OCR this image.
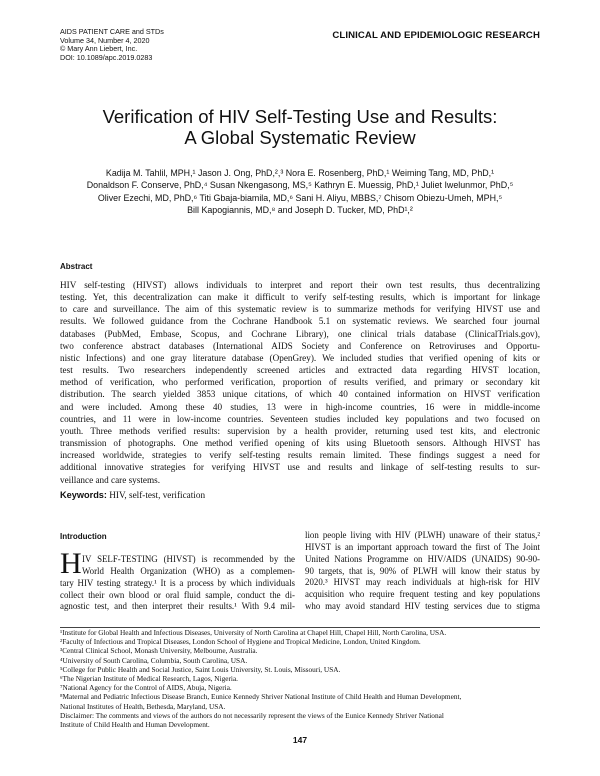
AIDS PATIENT CARE and STDs
Volume 34, Number 4, 2020
© Mary Ann Liebert, Inc.
DOI: 10.1089/apc.2019.0283
CLINICAL AND EPIDEMIOLOGIC RESEARCH
Verification of HIV Self-Testing Use and Results:
A Global Systematic Review
Kadija M. Tahlil, MPH,¹ Jason J. Ong, PhD,²,³ Nora E. Rosenberg, PhD,¹ Weiming Tang, MD, PhD,¹
Donaldson F. Conserve, PhD,⁴ Susan Nkengasong, MS,⁵ Kathryn E. Muessig, PhD,¹ Juliet Iwelunmor, PhD,⁵
Oliver Ezechi, MD, PhD,⁶ Titi Gbaja-biamila, MD,⁶ Sani H. Aliyu, MBBS,⁷ Chisom Obiezu-Umeh, MPH,⁵
Bill Kapogiannis, MD,⁸ and Joseph D. Tucker, MD, PhD¹,²
Abstract
HIV self-testing (HIVST) allows individuals to interpret and report their own test results, thus decentralizing
testing. Yet, this decentralization can make it difficult to verify self-testing results, which is important for linkage
to care and surveillance. The aim of this systematic review is to summarize methods for verifying HIVST use and
results. We followed guidance from the Cochrane Handbook 5.1 on systematic reviews. We searched four journal
databases (PubMed, Embase, Scopus, and Cochrane Library), one clinical trials database (ClinicalTrials.gov),
two conference abstract databases (International AIDS Society and Conference on Retroviruses and Opportu-
nistic Infections) and one gray literature database (OpenGrey). We included studies that verified opening of kits or
test results. Two researchers independently screened articles and extracted data regarding HIVST location,
method of verification, who performed verification, proportion of results verified, and primary or secondary kit
distribution. The search yielded 3853 unique citations, of which 40 contained information on HIVST verification
and were included. Among these 40 studies, 13 were in high-income countries, 16 were in middle-income
countries, and 11 were in low-income countries. Seventeen studies included key populations and two focused on
youth. Three methods verified results: supervision by a health provider, returning used test kits, and electronic
transmission of photographs. One method verified opening of kits using Bluetooth sensors. Although HIVST has
increased worldwide, strategies to verify self-testing results remain limited. These findings suggest a need for
additional innovative strategies for verifying HIVST use and results and linkage of self-testing results to sur-
veillance and care systems.
Keywords: HIV, self-test, verification
Introduction
H IV SELF-TESTING (HIVST) is recommended by the
World Health Organization (WHO) as a complemen-
tary HIV testing strategy.¹ It is a process by which individuals
collect their own blood or oral fluid sample, conduct the di-
agnostic test, and then interpret their results.¹ With 9.4 mil-
lion people living with HIV (PLWH) unaware of their status,²
HIVST is an important approach toward the first of The Joint
United Nations Programme on HIV/AIDS (UNAIDS) 90-90-
90 targets, that is, 90% of PLWH will know their status by
2020.³ HIVST may reach individuals at high-risk for HIV
acquisition who require frequent testing and key populations
who may avoid standard HIV testing services due to stigma
¹Institute for Global Health and Infectious Diseases, University of North Carolina at Chapel Hill, Chapel Hill, North Carolina, USA.
²Faculty of Infectious and Tropical Diseases, London School of Hygiene and Tropical Medicine, London, United Kingdom.
³Central Clinical School, Monash University, Melbourne, Australia.
⁴University of South Carolina, Columbia, South Carolina, USA.
⁵College for Public Health and Social Justice, Saint Louis University, St. Louis, Missouri, USA.
⁶The Nigerian Institute of Medical Research, Lagos, Nigeria.
⁷National Agency for the Control of AIDS, Abuja, Nigeria.
⁸Maternal and Pediatric Infectious Disease Branch, Eunice Kennedy Shriver National Institute of Child Health and Human Development,
National Institutes of Health, Bethesda, Maryland, USA.
Disclaimer: The comments and views of the authors do not necessarily represent the views of the Eunice Kennedy Shriver National
Institute of Child Health and Human Development.
147
